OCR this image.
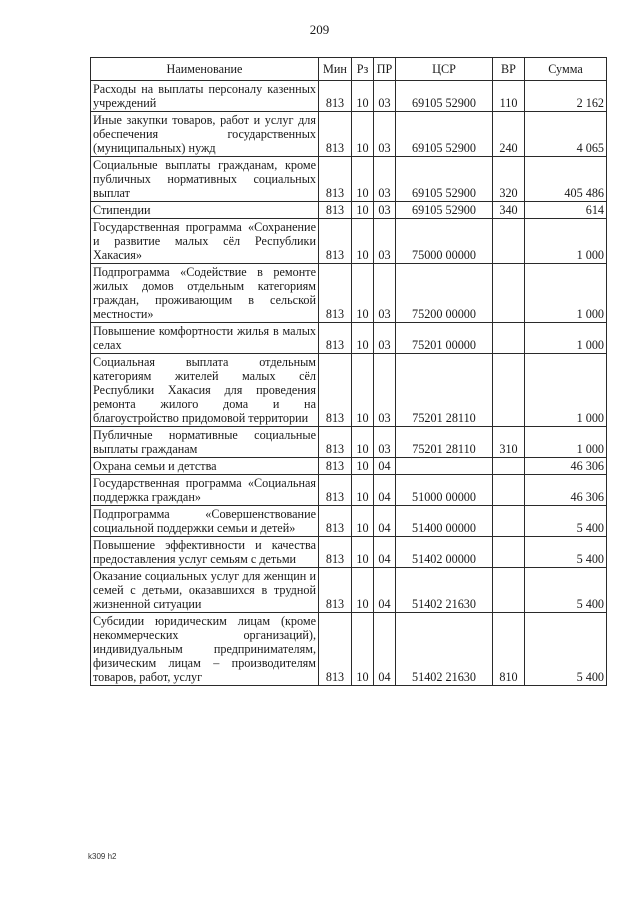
209
Наименование	Мин	Рз	ПР	ЦСР	ВР	Сумма
Расходы на выплаты персоналу казенных учреждений	813	10	03	69105 52900	110	2 162
Иные закупки товаров, работ и услуг для обеспечения государственных (муниципальных) нужд	813	10	03	69105 52900	240	4 065
Социальные выплаты гражданам, кроме публичных нормативных социальных выплат	813	10	03	69105 52900	320	405 486
Стипендии	813	10	03	69105 52900	340	614
Государственная программа «Сохранение и развитие малых сёл Республики Хакасия»	813	10	03	75000 00000		1 000
Подпрограмма «Содействие в ремонте жилых домов отдельным категориям граждан, проживающим в сельской местности»	813	10	03	75200 00000		1 000
Повышение комфортности жилья в малых селах	813	10	03	75201 00000		1 000
Социальная выплата отдельным категориям жителей малых сёл Республики Хакасия для проведения ремонта жилого дома и на благоустройство придомовой территории	813	10	03	75201 28110		1 000
Публичные нормативные социальные выплаты гражданам	813	10	03	75201 28110	310	1 000
Охрана семьи и детства	813	10	04			46 306
Государственная программа «Социальная поддержка граждан»	813	10	04	51000 00000		46 306
Подпрограмма «Совершенствование социальной поддержки семьи и детей»	813	10	04	51400 00000		5 400
Повышение эффективности и качества предоставления услуг семьям с детьми	813	10	04	51402 00000		5 400
Оказание социальных услуг для женщин и семей с детьми, оказавшихся в трудной жизненной ситуации	813	10	04	51402 21630		5 400
Субсидии юридическим лицам (кроме некоммерческих организаций), индивидуальным предпринимателям, физическим лицам – производителям товаров, работ, услуг	813	10	04	51402 21630	810	5 400
k309 h2
